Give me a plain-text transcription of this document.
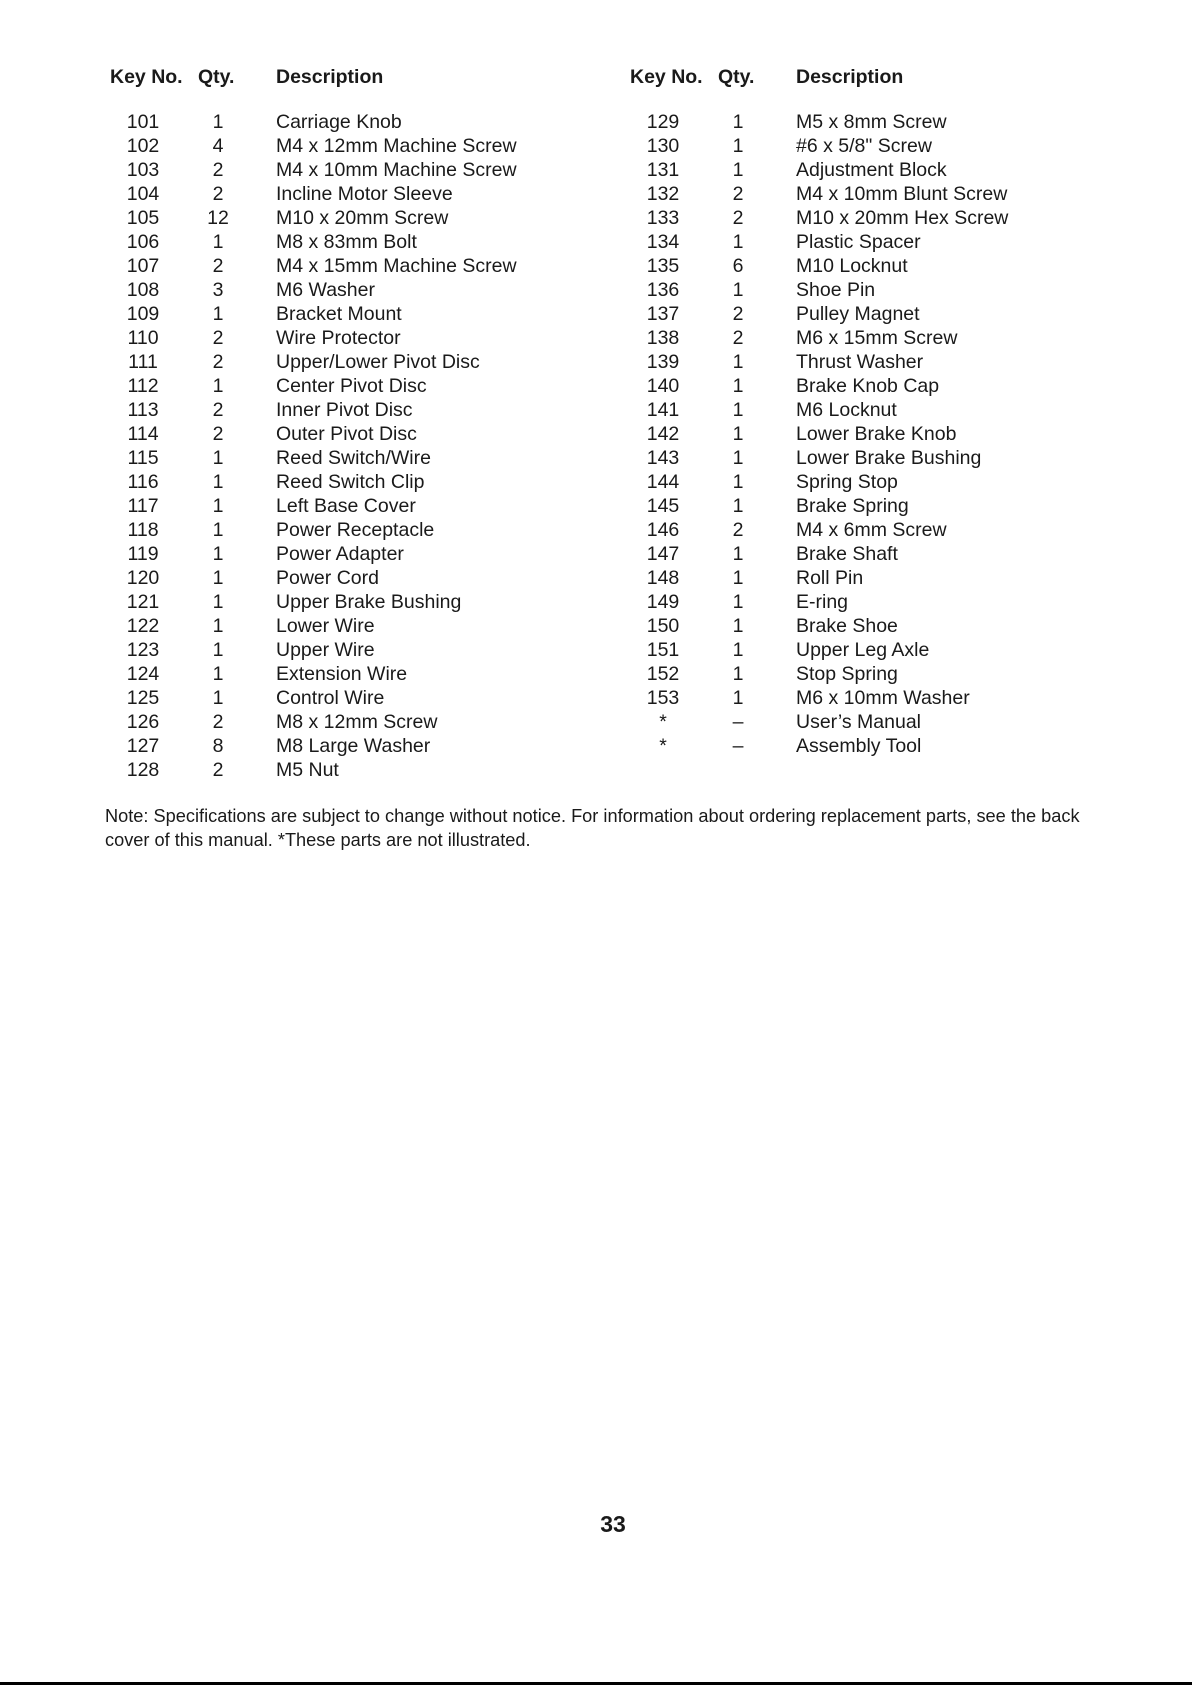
Key No. Qty. Description
101	1	Carriage Knob
102	4	M4 x 12mm Machine Screw
103	2	M4 x 10mm Machine Screw
104	2	Incline Motor Sleeve
105	12	M10 x 20mm Screw
106	1	M8 x 83mm Bolt
107	2	M4 x 15mm Machine Screw
108	3	M6 Washer
109	1	Bracket Mount
110	2	Wire Protector
111	2	Upper/Lower Pivot Disc
112	1	Center Pivot Disc
113	2	Inner Pivot Disc
114	2	Outer Pivot Disc
115	1	Reed Switch/Wire
116	1	Reed Switch Clip
117	1	Left Base Cover
118	1	Power Receptacle
119	1	Power Adapter
120	1	Power Cord
121	1	Upper Brake Bushing
122	1	Lower Wire
123	1	Upper Wire
124	1	Extension Wire
125	1	Control Wire
126	2	M8 x 12mm Screw
127	8	M8 Large Washer
128	2	M5 Nut
Key No. Qty. Description
129	1	M5 x 8mm Screw
130	1	#6 x 5/8" Screw
131	1	Adjustment Block
132	2	M4 x 10mm Blunt Screw
133	2	M10 x 20mm Hex Screw
134	1	Plastic Spacer
135	6	M10 Locknut
136	1	Shoe Pin
137	2	Pulley Magnet
138	2	M6 x 15mm Screw
139	1	Thrust Washer
140	1	Brake Knob Cap
141	1	M6 Locknut
142	1	Lower Brake Knob
143	1	Lower Brake Bushing
144	1	Spring Stop
145	1	Brake Spring
146	2	M4 x 6mm Screw
147	1	Brake Shaft
148	1	Roll Pin
149	1	E-ring
150	1	Brake Shoe
151	1	Upper Leg Axle
152	1	Stop Spring
153	1	M6 x 10mm Washer
*	–	User’s Manual
*	–	Assembly Tool

Note: Specifications are subject to change without notice. For information about ordering replacement parts, see the back cover of this manual. *These parts are not illustrated.

33
